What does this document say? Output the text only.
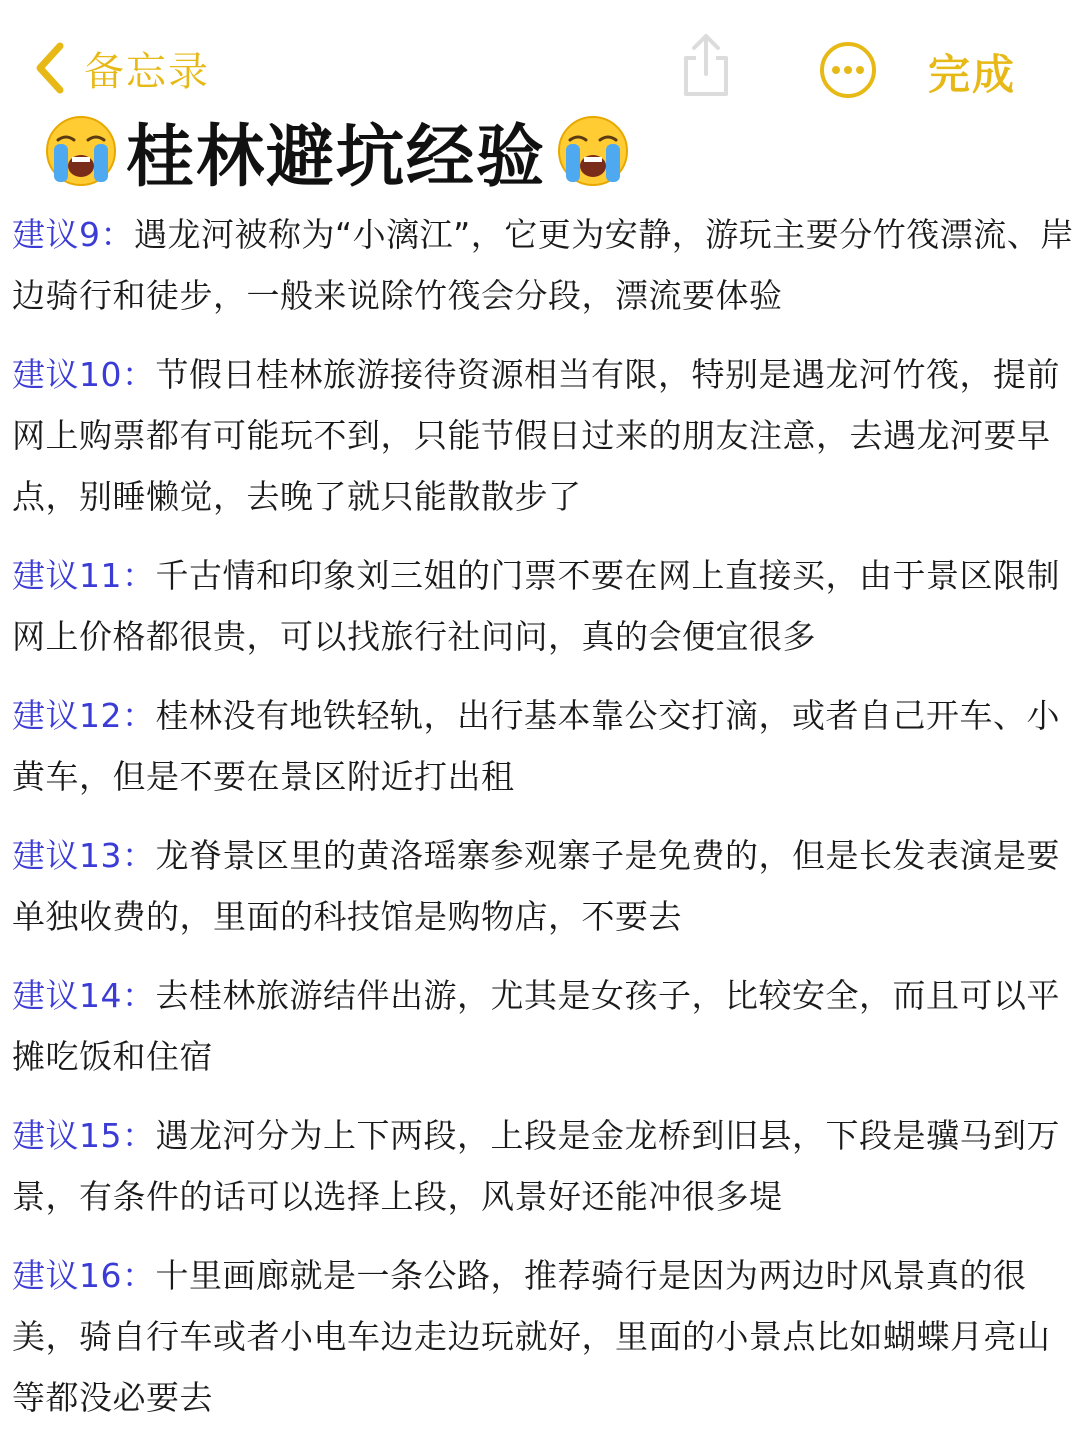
备忘录	完成
桂林避坑经验

建议9：遇龙河被称为“小漓江”，它更为安静，游玩主要分竹筏漂流、岸边骑行和徒步，一般来说除竹筏会分段，漂流要体验

建议10：节假日桂林旅游接待资源相当有限，特别是遇龙河竹筏，提前网上购票都有可能玩不到，只能节假日过来的朋友注意，去遇龙河要早点，别睡懒觉，去晚了就只能散散步了

建议11：千古情和印象刘三姐的门票不要在网上直接买，由于景区限制网上价格都很贵，可以找旅行社问问，真的会便宜很多

建议12：桂林没有地铁轻轨，出行基本靠公交打滴，或者自己开车、小黄车，但是不要在景区附近打出租

建议13：龙脊景区里的黄洛瑶寨参观寨子是免费的，但是长发表演是要单独收费的，里面的科技馆是购物店，不要去

建议14：去桂林旅游结伴出游，尤其是女孩子，比较安全，而且可以平摊吃饭和住宿

建议15：遇龙河分为上下两段，上段是金龙桥到旧县，下段是骥马到万景，有条件的话可以选择上段，风景好还能冲很多堤

建议16：十里画廊就是一条公路，推荐骑行是因为两边时风景真的很美，骑自行车或者小电车边走边玩就好，里面的小景点比如蝴蝶月亮山等都没必要去
